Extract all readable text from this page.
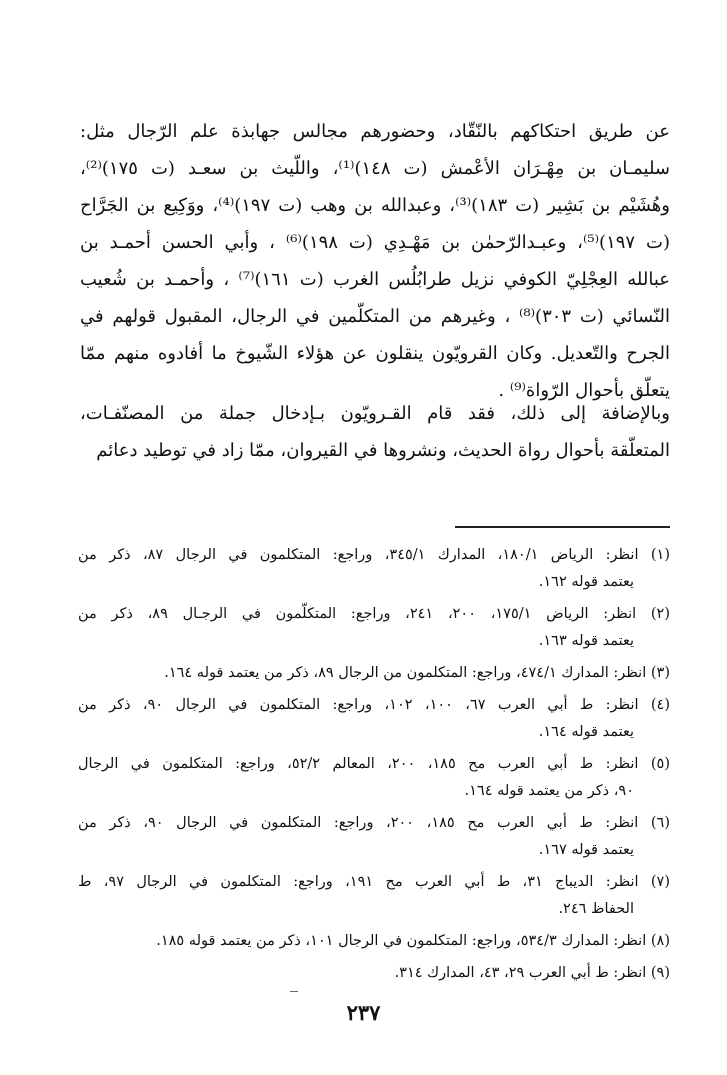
عن طريق احتكاكهم بالنّقّاد، وحضورهم مجالس جهابذة علم الرّجال مثل:
سليمـان بن مِهْـرَان الأعْمش (ت ١٤٨)⁽¹⁾، واللّيث بن سعـد (ت ١٧٥)⁽²⁾،
وهُشَيْم بن بَشِير (ت ١٨٣)⁽³⁾، وعبدالله بن وهب (ت ١٩٧)⁽⁴⁾، ووَكِيع بن الجَرَّاح
(ت ١٩٧)⁽⁵⁾، وعبـدالرّحمٰن بن مَهْـدِي (ت ١٩٨)⁽⁶⁾ ، وأبي الحسن أحمـد بن
عبالله العِجْلِيّ الكوفي نزيل طرابُلُس الغرب (ت ١٦١)⁽⁷⁾ ، وأحمـد بن شُعيب
النّسائي (ت ٣٠٣)⁽⁸⁾ ، وغيرهم من المتكلّمين في الرجال، المقبول قولهم في
الجرح والتّعديل. وكان القرويّون ينقلون عن هؤلاء الشّيوخ ما أفادوه منهم ممّا
يتعلّق بأحوال الرّواة⁽⁹⁾ .
وبالإضافة إلى ذلك، فقد قام القـرويّون بـإدخال جملة من المصنّفـات،
المتعلّقة بأحوال رواة الحديث، ونشروها في القيروان، ممّا زاد في توطيد دعائم
(١) انظر: الرياض ١٨٠/١، المدارك ٣٤٥/١، وراجع: المتكلمون في الرجال ٨٧، ذكر من
يعتمد قوله ١٦٢.
(٢) انظر: الرياض ١٧٥/١، ٢٠٠، ٢٤١، وراجع: المتكلّمون في الرجـال ٨٩، ذكر من
يعتمد قوله ١٦٣.
(٣) انظر: المدارك ٤٧٤/١، وراجع: المتكلمون من الرجال ٨٩، ذكر من يعتمد قوله ١٦٤.
(٤) انظر: ط أبي العرب ٦٧، ١٠٠، ١٠٢، وراجع: المتكلمون في الرجال ٩٠، ذكر من
يعتمد قوله ١٦٤.
(٥) انظر: ط أبي العرب مح ١٨٥، ٢٠٠، المعالم ٥٢/٢، وراجع: المتكلمون في الرجال
٩٠، ذكر من يعتمد قوله ١٦٤.
(٦) انظر: ط أبي العرب مح ١٨٥، ٢٠٠، وراجع: المتكلمون في الرجال ٩٠، ذكر من
يعتمد قوله ١٦٧.
(٧) انظر: الديباج ٣١، ط أبي العرب مح ١٩١، وراجع: المتكلمون في الرجال ٩٧، ط
الحفاظ ٢٤٦.
(٨) انظر: المدارك ٥٣٤/٣، وراجع: المتكلمون في الرجال ١٠١، ذكر من يعتمد قوله ١٨٥.
(٩) انظر: ط أبي العرب ٢٩، ٤٣، المدارك ٣١٤.
٢٣٧
